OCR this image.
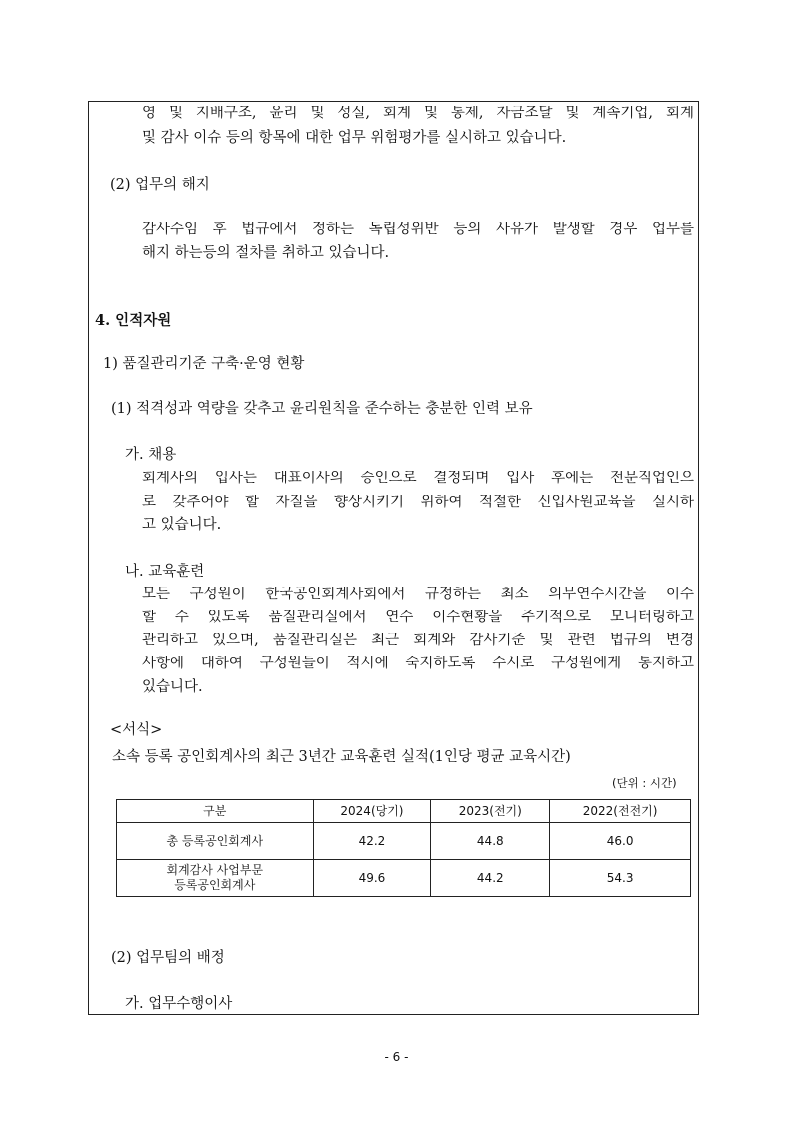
영 및 지배구조, 윤리 및 성실, 회계 및 통제, 자금조달 및 계속기업, 회계
및 감사 이슈 등의 항목에 대한 업무 위험평가를 실시하고 있습니다.
(2) 업무의 해지
감사수임 후 법규에서 정하는 독립성위반 등의 사유가 발생할 경우 업무를
해지 하는등의 절차를 취하고 있습니다.
4. 인적자원
1) 품질관리기준 구축·운영 현황
(1) 적격성과 역량을 갖추고 윤리원칙을 준수하는 충분한 인력 보유
가. 채용
회계사의 입사는 대표이사의 승인으로 결정되며 입사 후에는 전문직업인으
로 갖추어야 할 자질을 향상시키기 위하여 적절한 신입사원교육을 실시하
고 있습니다.
나. 교육훈련
모든 구성원이 한국공인회계사회에서 규정하는 최소 의무연수시간을 이수
할 수 있도록 품질관리실에서 연수 이수현황을 주기적으로 모니터링하고
관리하고 있으며, 품질관리실은 최근 회계와 감사기준 및 관련 법규의 변경
사항에 대하여 구성원들이 적시에 숙지하도록 수시로 구성원에게 통지하고
있습니다.
<서식>
소속 등록 공인회계사의 최근 3년간 교육훈련 실적(1인당 평균 교육시간)
(단위 : 시간)
구분	2024(당기)	2023(전기)	2022(전전기)
총 등록공인회계사	42.2	44.8	46.0
회계감사 사업부문
등록공인회계사	49.6	44.2	54.3
(2) 업무팀의 배정
가. 업무수행이사
- 6 -
